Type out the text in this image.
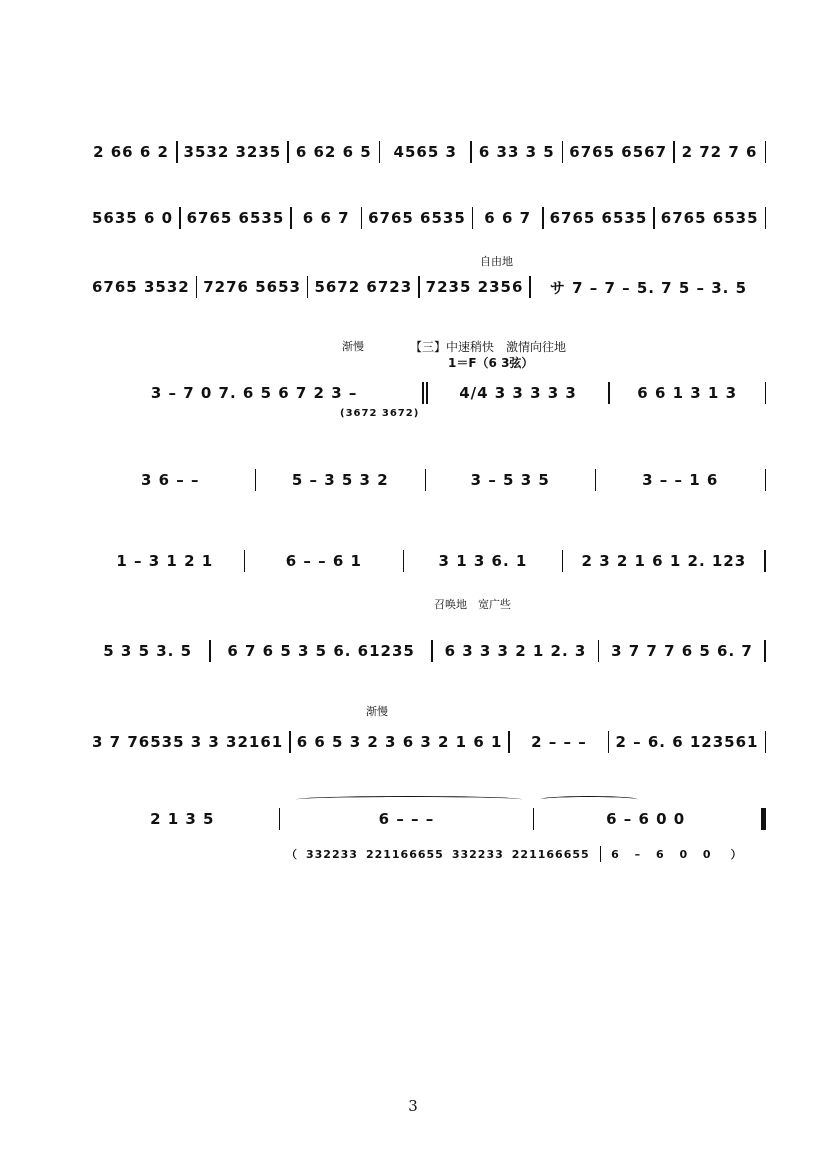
2 66 6 2 3532 3235 6 62 6 5	4565 3	6 33 3 5 6765 6567 2 72 7 6
5635 6 0 6765 6535	6 6 7	6765 6535	6 6 7	6765 6535 6765 6535
自由地
6765 3532 7276 5653 5672 6723 7235 2356	サ 7 – 7 – 5. 7 5 – 3. 5
渐慢	【三】中速稍快　激情向往地
1＝F（6 3弦）
3 – 7 0 7. 6 5 6 7 2 3 –	4/4 3 3 3 3 3	6 6 1 3 1 3
(3672 3672)
3 6 – –	5 – 3 5 3 2	3 – 5 3 5	3 – – 1 6
1 – 3 1 2 1	6 – – 6 1	3 1 3 6. 1	2 3 2 1 6 1 2. 123
召唤地　宽广些
5 3 5 3. 5	6 7 6 5 3 5 6. 61235	6 3 3 3 2 1 2. 3	3 7 7 7 6 5 6. 7
渐慢
3 7 76535 3 3 32161 6 6 5 3 2 3 6 3 2 1 6 1	2 – – –	2 – 6. 6 123561
2 1 3 5	6 – – –	6 – 6 0 0
（ 332233 221166655 332233 221166655 6 – 6 0 0 ）
3
